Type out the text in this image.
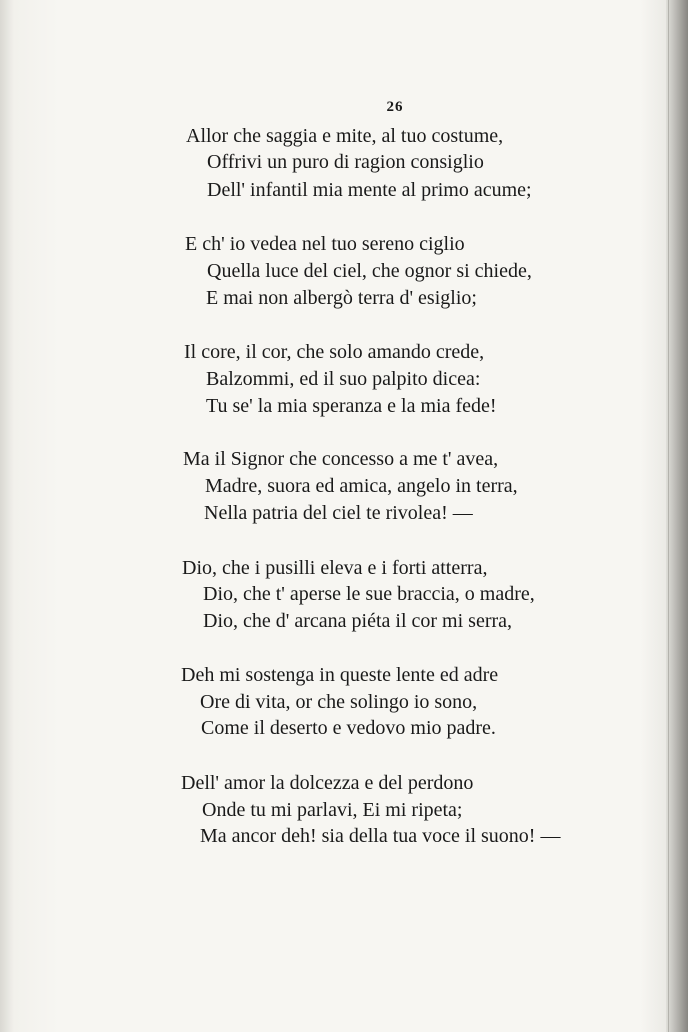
26
Allor che saggia e mite, al tuo costume,
Offrivi un puro di ragion consiglio
Dell' infantil mia mente al primo acume;
E ch' io vedea nel tuo sereno ciglio
Quella luce del ciel, che ognor si chiede,
E mai non albergò terra d' esiglio;
Il core, il cor, che solo amando crede,
Balzommi, ed il suo palpito dicea:
Tu se' la mia speranza e la mia fede!
Ma il Signor che concesso a me t' avea,
Madre, suora ed amica, angelo in terra,
Nella patria del ciel te rivolea! —
Dio, che i pusilli eleva e i forti atterra,
Dio, che t' aperse le sue braccia, o madre,
Dio, che d' arcana piéta il cor mi serra,
Deh mi sostenga in queste lente ed adre
Ore di vita, or che solingo io sono,
Come il deserto e vedovo mio padre.
Dell' amor la dolcezza e del perdono
Onde tu mi parlavi, Ei mi ripeta;
Ma ancor deh! sia della tua voce il suono! —
